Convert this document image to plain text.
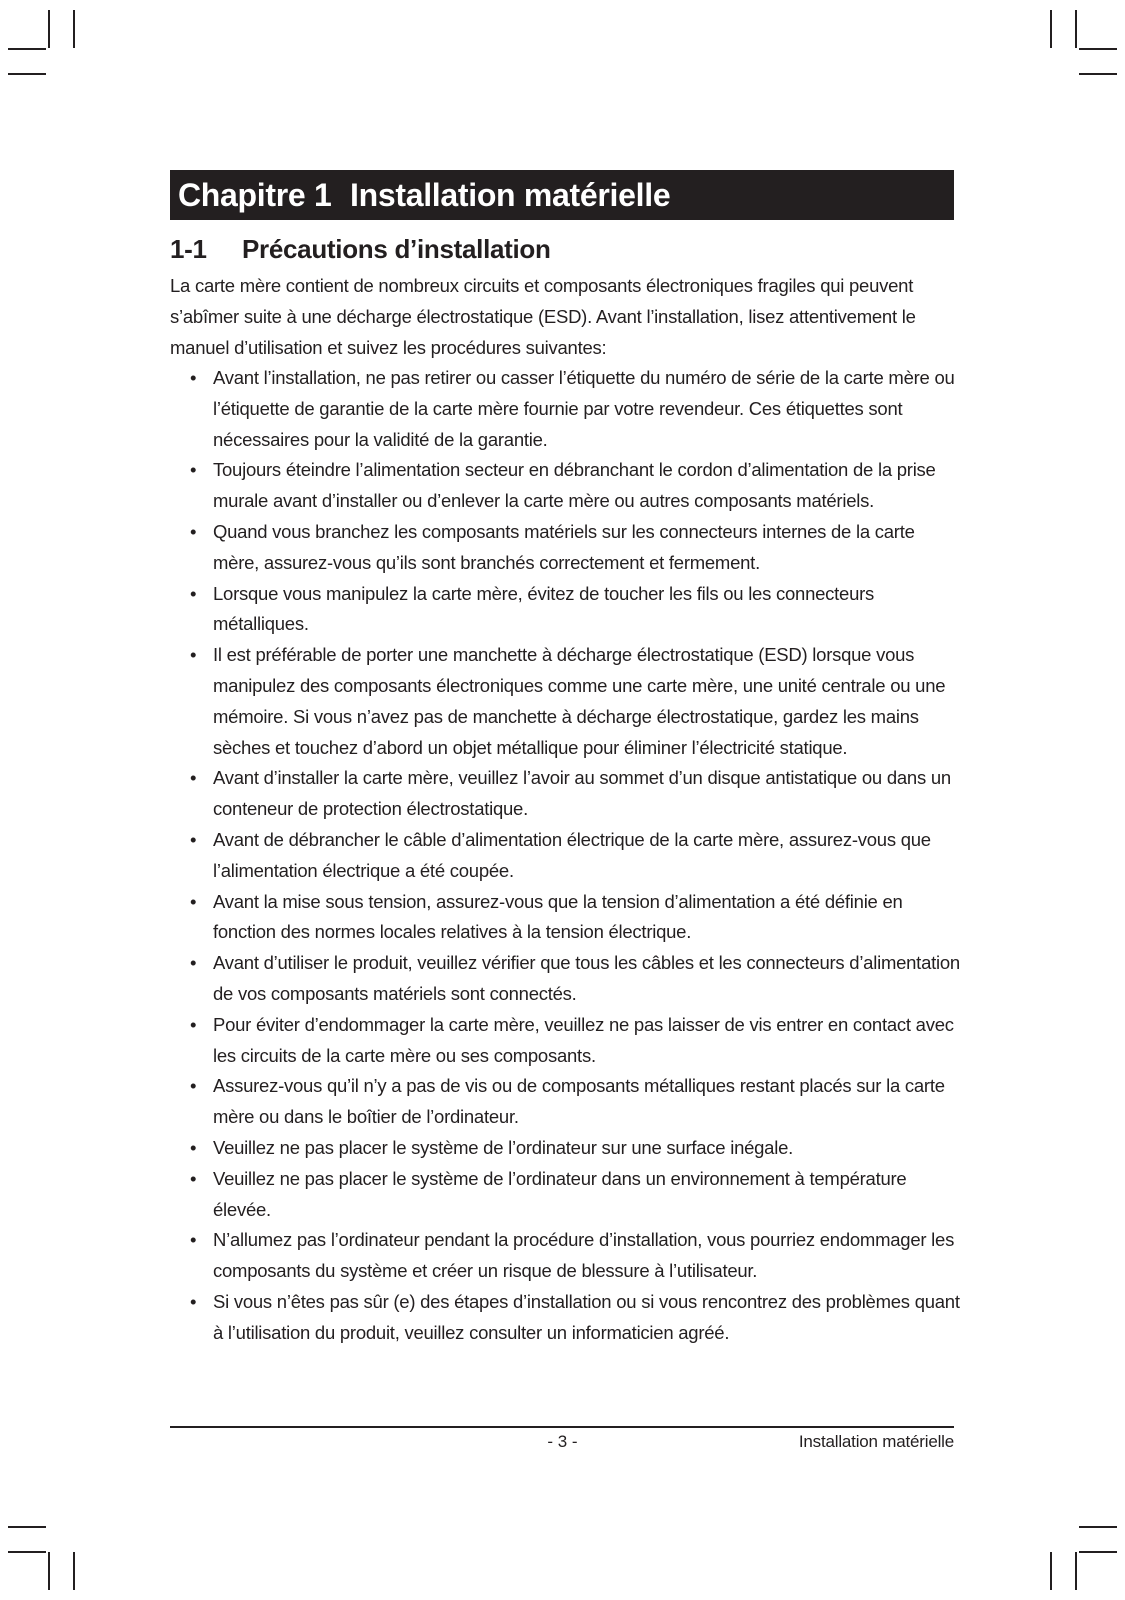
Chapitre 1 Installation matérielle
1-1 Précautions d’installation

La carte mère contient de nombreux circuits et composants électroniques fragiles qui peuvent s’abîmer suite à une décharge électrostatique (ESD). Avant l’installation, lisez attentivement le manuel d’utilisation et suivez les procédures suivantes:

• Avant l’installation, ne pas retirer ou casser l’étiquette du numéro de série de la carte mère ou l’étiquette de garantie de la carte mère fournie par votre revendeur. Ces étiquettes sont nécessaires pour la validité de la garantie.
• Toujours éteindre l’alimentation secteur en débranchant le cordon d’alimentation de la prise murale avant d’installer ou d’enlever la carte mère ou autres composants matériels.
• Quand vous branchez les composants matériels sur les connecteurs internes de la carte mère, assurez-vous qu’ils sont branchés correctement et fermement.
• Lorsque vous manipulez la carte mère, évitez de toucher les fils ou les connecteurs métalliques.
• Il est préférable de porter une manchette à décharge électrostatique (ESD) lorsque vous manipulez des composants électroniques comme une carte mère, une unité centrale ou une mémoire. Si vous n’avez pas de manchette à décharge électrostatique, gardez les mains sèches et touchez d’abord un objet métallique pour éliminer l’électricité statique.
• Avant d’installer la carte mère, veuillez l’avoir au sommet d’un disque antistatique ou dans un conteneur de protection électrostatique.
• Avant de débrancher le câble d’alimentation électrique de la carte mère, assurez-vous que l’alimentation électrique a été coupée.
• Avant la mise sous tension, assurez-vous que la tension d’alimentation a été définie en fonction des normes locales relatives à la tension électrique.
• Avant d’utiliser le produit, veuillez vérifier que tous les câbles et les connecteurs d’alimentation de vos composants matériels sont connectés.
• Pour éviter d’endommager la carte mère, veuillez ne pas laisser de vis entrer en contact avec les circuits de la carte mère ou ses composants.
• Assurez-vous qu’il n’y a pas de vis ou de composants métalliques restant placés sur la carte mère ou dans le boîtier de l’ordinateur.
• Veuillez ne pas placer le système de l’ordinateur sur une surface inégale.
• Veuillez ne pas placer le système de l’ordinateur dans un environnement à température élevée.
• N’allumez pas l’ordinateur pendant la procédure d’installation, vous pourriez endommager les composants du système et créer un risque de blessure à l’utilisateur.
• Si vous n’êtes pas sûr (e) des étapes d’installation ou si vous rencontrez des problèmes quant à l’utilisation du produit, veuillez consulter un informaticien agréé.
- 3 -	Installation matérielle
